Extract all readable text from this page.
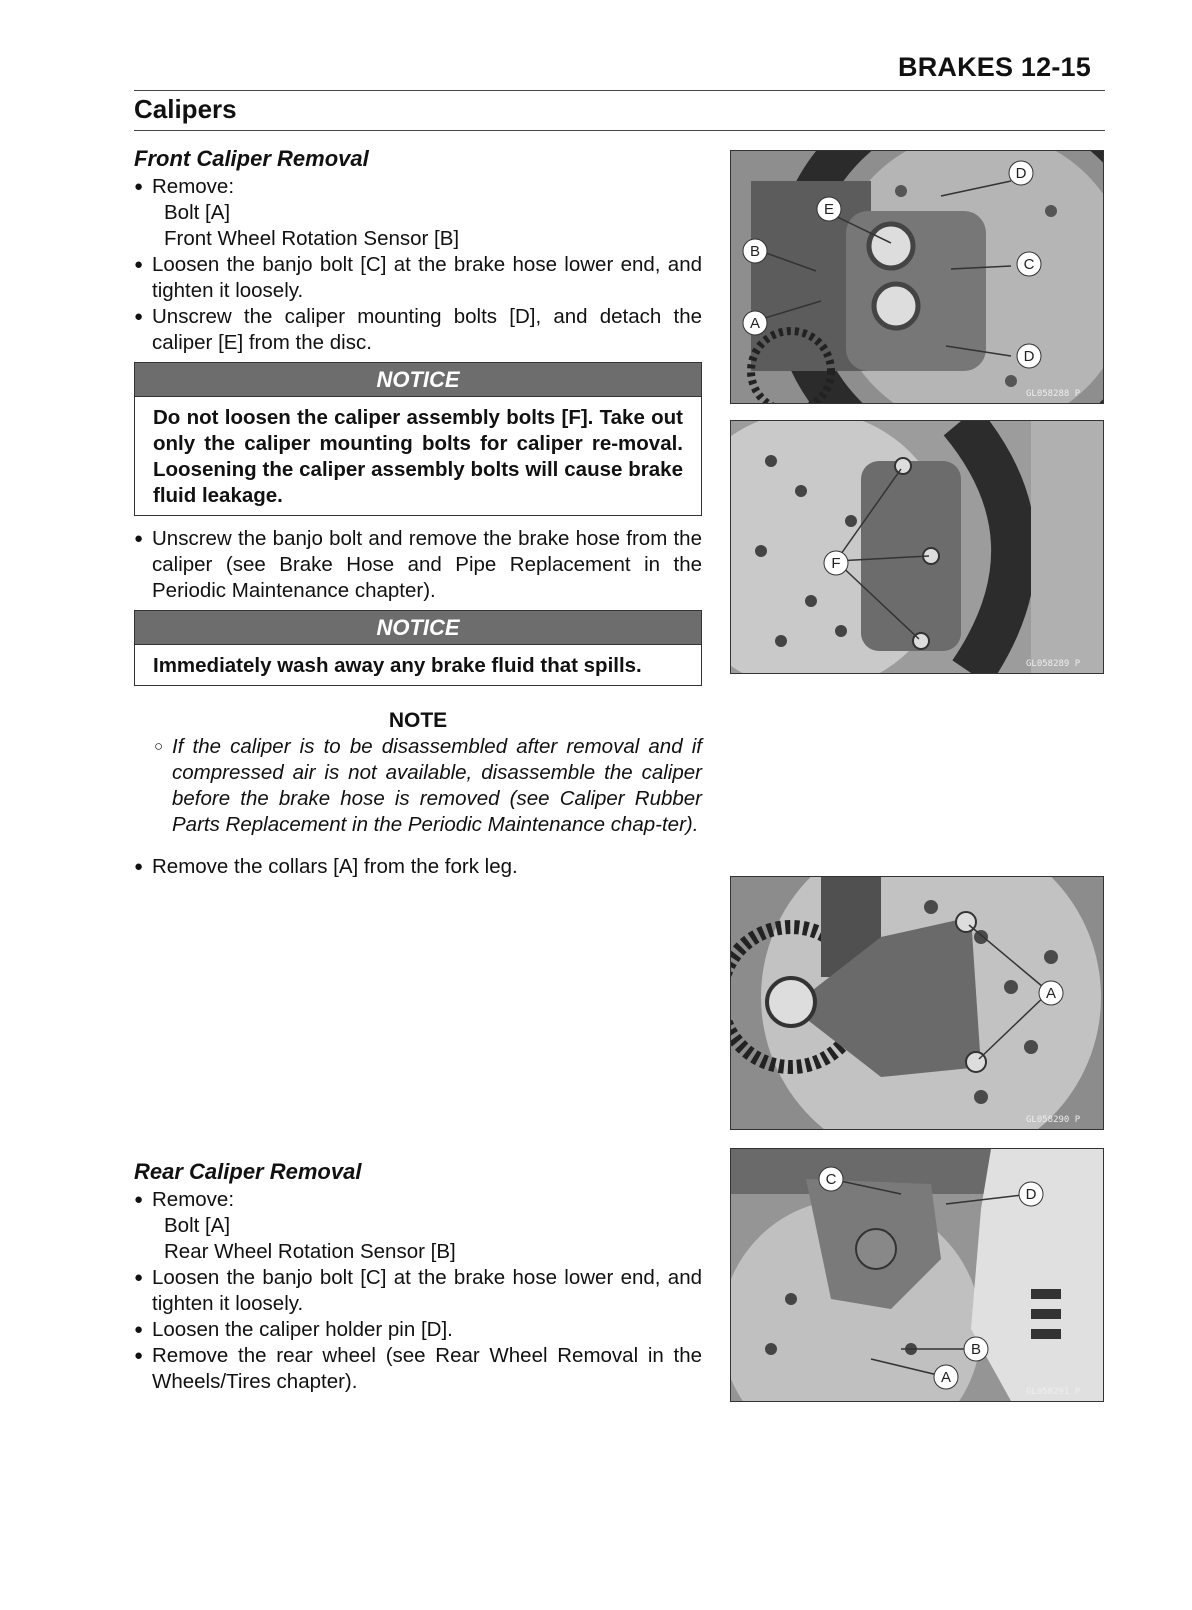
BRAKES 12-15
Calipers
Front Caliper Removal
● Remove:
Bolt [A]
Front Wheel Rotation Sensor [B]
● Loosen the banjo bolt [C] at the brake hose lower end, and tighten it loosely.
● Unscrew the caliper mounting bolts [D], and detach the caliper [E] from the disc.
NOTICE
Do not loosen the caliper assembly bolts [F]. Take out only the caliper mounting bolts for caliper re-moval. Loosening the caliper assembly bolts will cause brake fluid leakage.
● Unscrew the banjo bolt and remove the brake hose from the caliper (see Brake Hose and Pipe Replacement in the Periodic Maintenance chapter).
NOTICE
Immediately wash away any brake fluid that spills.
NOTE
○ If the caliper is to be disassembled after removal and if compressed air is not available, disassemble the caliper before the brake hose is removed (see Caliper Rubber Parts Replacement in the Periodic Maintenance chap-ter).
● Remove the collars [A] from the fork leg.
Rear Caliper Removal
● Remove:
Bolt [A]
Rear Wheel Rotation Sensor [B]
● Loosen the banjo bolt [C] at the brake hose lower end, and tighten it loosely.
● Loosen the caliper holder pin [D].
● Remove the rear wheel (see Rear Wheel Removal in the Wheels/Tires chapter).
D
C
D
E
B
A
GL058288 P
F
GL058289 P
A
GL058290 P
C
D
B
A
GL058291 P
